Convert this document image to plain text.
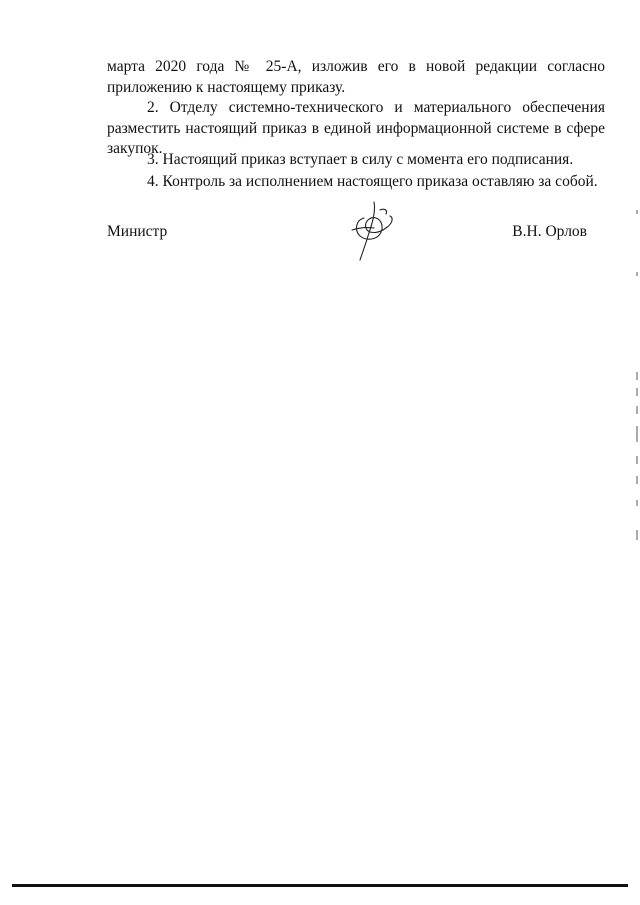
марта 2020 года № 25-А, изложив его в новой редакции согласно приложению к настоящему приказу.

2. Отделу системно-технического и материального обеспечения разместить настоящий приказ в единой информационной системе в сфере закупок.

3. Настоящий приказ вступает в силу с момента его подписания.

4. Контроль за исполнением настоящего приказа оставляю за собой.

Министр	В.Н. Орлов
